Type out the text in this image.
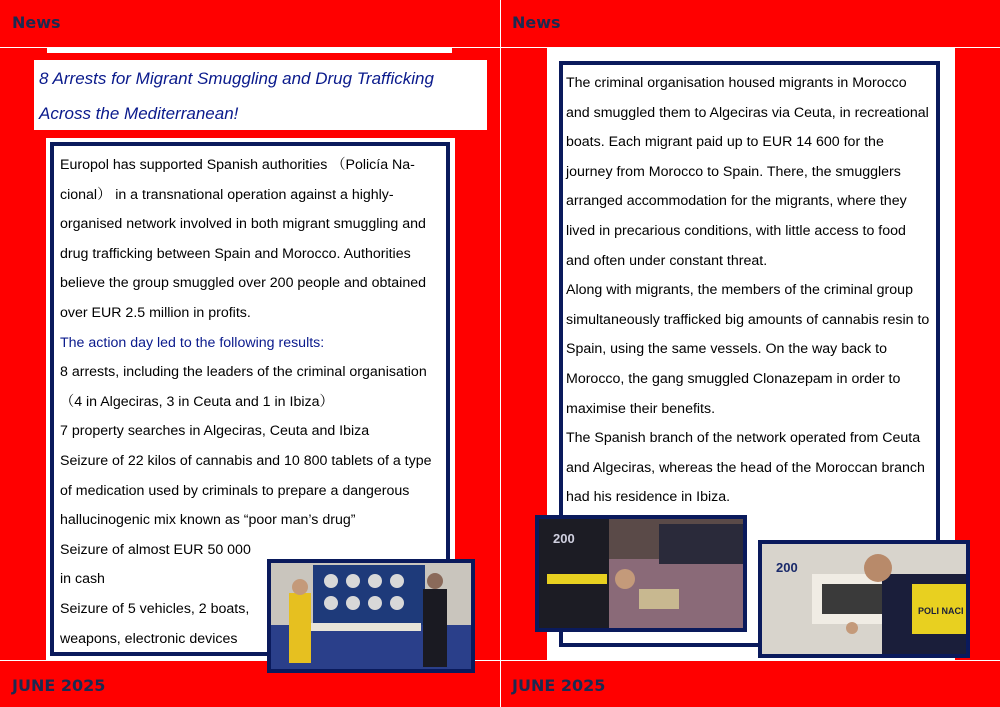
News	News
JUNE 2025	JUNE 2025
8 Arrests for Migrant Smuggling and Drug Trafficking
Across the Mediterranean!

Europol has supported Spanish authorities （Policía Na-

cional） in a transnational operation against a highly-

organised network involved in both migrant smuggling and

drug trafficking between Spain and Morocco. Authorities

believe the group smuggled over 200 people and obtained

over EUR 2.5 million in profits.

The action day led to the following results:

8 arrests, including the leaders of the criminal organisation

（4 in Algeciras, 3 in Ceuta and 1 in Ibiza）

7 property searches in Algeciras, Ceuta and Ibiza

Seizure of 22 kilos of cannabis and 10 800 tablets of a type

of medication used by criminals to prepare a dangerous

hallucinogenic mix known as “poor man’s drug”

Seizure of almost EUR 50 000

in cash

Seizure of 5 vehicles, 2 boats,

weapons, electronic devices

The criminal organisation housed migrants in Morocco

and smuggled them to Algeciras via Ceuta, in recreational

boats. Each migrant paid up to EUR 14 600 for the

journey from Morocco to Spain. There, the smugglers

arranged accommodation for the migrants, where they

lived in precarious conditions, with little access to food

and often under constant threat.

Along with migrants, the members of the criminal group

simultaneously trafficked big amounts of cannabis resin to

Spain, using the same vessels. On the way back to

Morocco, the gang smuggled Clonazepam in order to

maximise their benefits.

The Spanish branch of the network operated from Ceuta

and Algeciras, whereas the head of the Moroccan branch

had his residence in Ibiza.

200
POLI NACI
200
